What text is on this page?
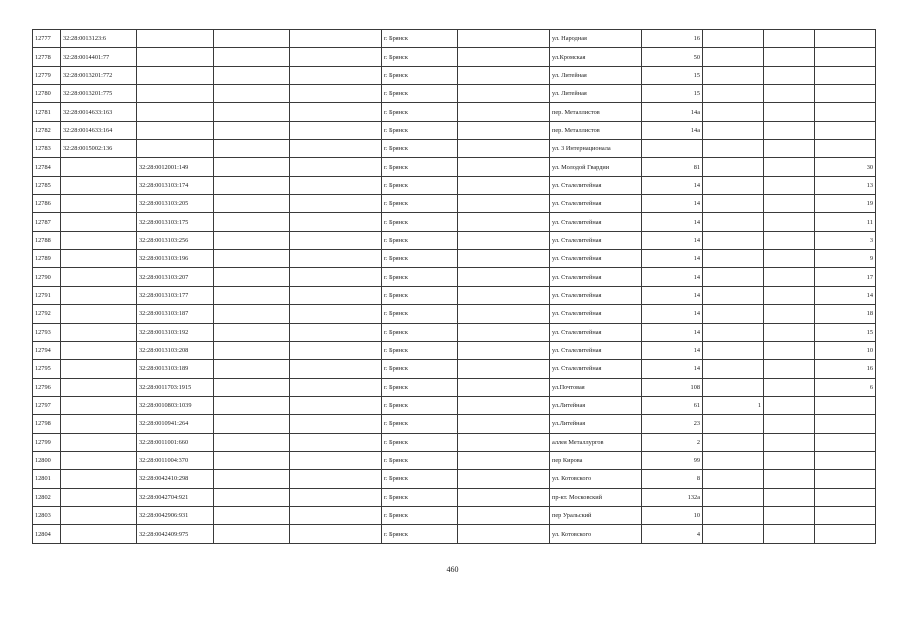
12777	32:28:0013123:6				г. Брянск		ул. Народная	16			
12778	32:28:0014401:77				г. Брянск		ул.Кромская	50			
12779	32:28:0013201:772				г. Брянск		ул. Литейная	15			
12780	32:28:0013201:775				г. Брянск		ул. Литейная	15			
12781	32:28:0014633:163				г. Брянск		пер. Металлистов	14а			
12782	32:28:0014633:164				г. Брянск		пер. Металлистов	14а			
12783	32:28:0015002:136				г. Брянск		ул. 3 Интернационала				
12784		32:28:0012001:149			г. Брянск		ул. Молодой Гвардии	81			30
12785		32:28:0013103:174			г. Брянск		ул. Сталелитейная	14			13
12786		32:28:0013103:205			г. Брянск		ул. Сталелитейная	14			19
12787		32:28:0013103:175			г. Брянск		ул. Сталелитейная	14			11
12788		32:28:0013103:256			г. Брянск		ул. Сталелитейная	14			3
12789		32:28:0013103:196			г. Брянск		ул. Сталелитейная	14			9
12790		32:28:0013103:207			г. Брянск		ул. Сталелитейная	14			17
12791		32:28:0013103:177			г. Брянск		ул. Сталелитейная	14			14
12792		32:28:0013103:187			г. Брянск		ул. Сталелитейная	14			18
12793		32:28:0013103:192			г. Брянск		ул. Сталелитейная	14			15
12794		32:28:0013103:208			г. Брянск		ул. Сталелитейная	14			10
12795		32:28:0013103:189			г. Брянск		ул. Сталелитейная	14			16
12796		32:28:0011703:1915			г. Брянск		ул.Почтовая	108			6
12797		32:28:0010803:1039			г. Брянск		ул.Литейная	61	1		
12798		32:28:0010941:264			г. Брянск		ул.Литейная	23			
12799		32:28:0011001:660			г. Брянск		аллея Металлургов	2			
12800		32:28:0011004:370			г. Брянск		пер Кирова	99			
12801		32:28:0042410:298			г. Брянск		ул. Котовского	8			
12802		32:28:0042704:921			г. Брянск		пр-кт. Московский	132а			
12803		32:28:0042906:931			г. Брянск		пер Уральский	10			
12804		32:28:0042409:975			г. Брянск		ул. Котовского	4			
460
